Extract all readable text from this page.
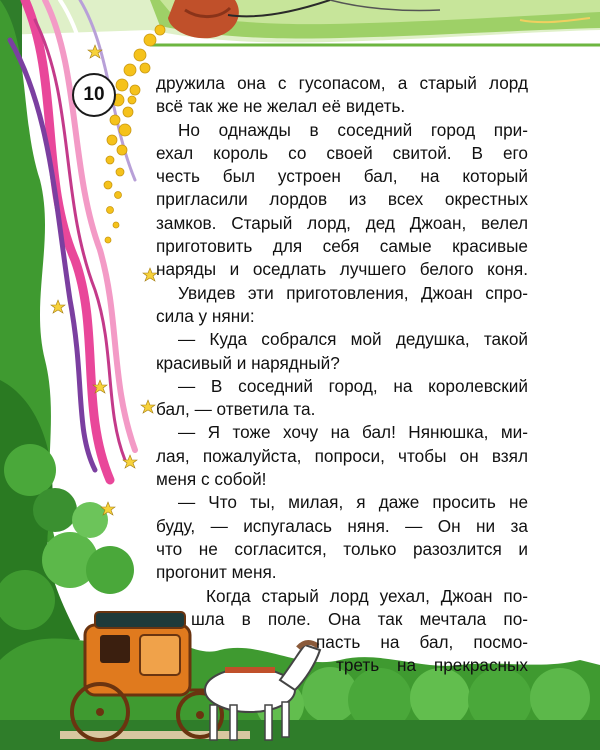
10
дружила она с гусопасом, а старый лорд
всё так же не желал её видеть.
Но однажды в соседний город при-
ехал король со своей свитой. В его
честь был устроен бал, на который
пригласили лордов из всех окрестных
замков. Старый лорд, дед Джоан, велел
приготовить для себя самые красивые
наряды и оседлать лучшего белого коня.
Увидев эти приготовления, Джоан спро-
сила у няни:
— Куда собрался мой дедушка, такой
красивый и нарядный?
— В соседний город, на королевский
бал, — ответила та.
— Я тоже хочу на бал! Нянюшка, ми-
лая, пожалуйста, попроси, чтобы он взял
меня с собой!
— Что ты, милая, я даже просить не
буду, — испугалась няня. — Он ни за
что не согласится, только разозлится и
прогонит меня.
Когда старый лорд уехал, Джоан по-
шла в поле. Она так мечтала по-
пасть на бал, посмо-
треть на прекрасных
